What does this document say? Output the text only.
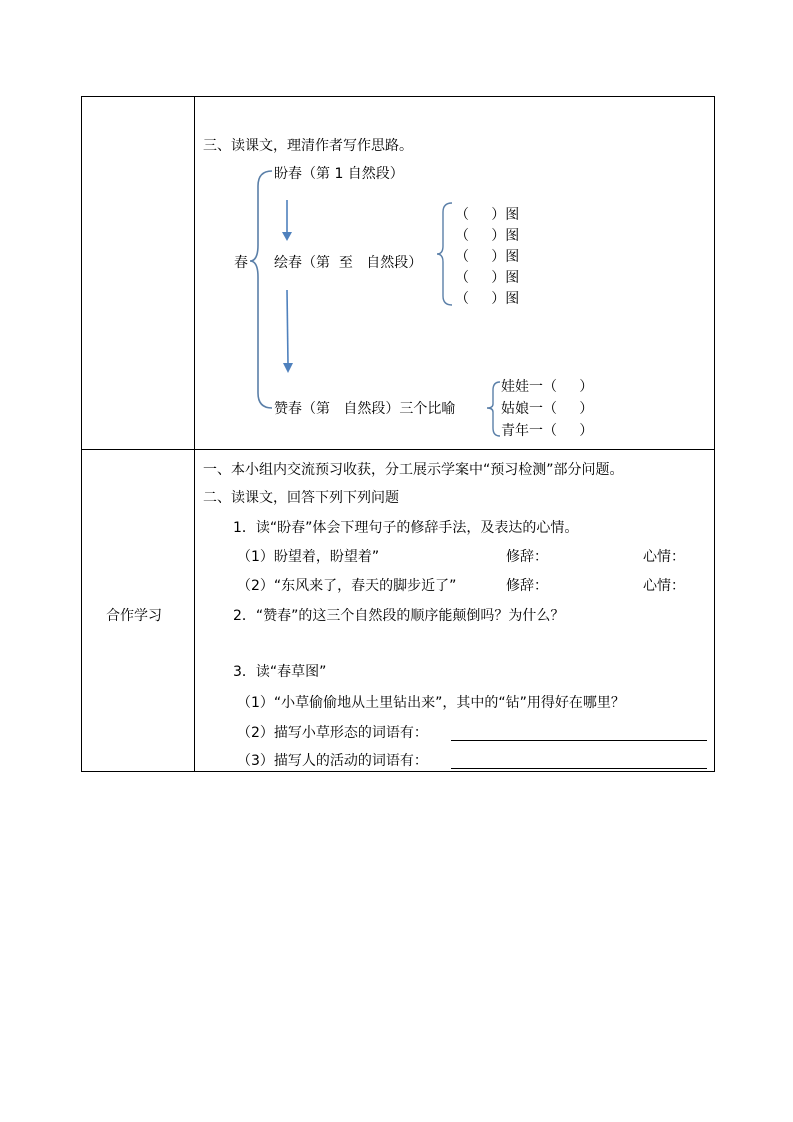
三、读课文，理清作者写作思路。
春
盼春（第 1 自然段）
绘春（第  至   自然段）
赞春（第   自然段）三个比喻
（     ）图
（     ）图
（     ）图
（     ）图
（     ）图
娃娃一（     ）
姑娘一（     ）
青年一（     ）
合作学习
一、本小组内交流预习收获，分工展示学案中“预习检测”部分问题。
二、读课文，回答下列下列问题
1．读“盼春”体会下理句子的修辞手法，及表达的心情。
（1）盼望着，盼望着”	修辞：	心情：
（2）“东风来了，春天的脚步近了”	修辞：	心情：
2．“赞春”的这三个自然段的顺序能颠倒吗？为什么？
3．读“春草图”
（1）“小草偷偷地从土里钻出来”，其中的“钻”用得好在哪里？
（2）描写小草形态的词语有：
（3）描写人的活动的词语有：
